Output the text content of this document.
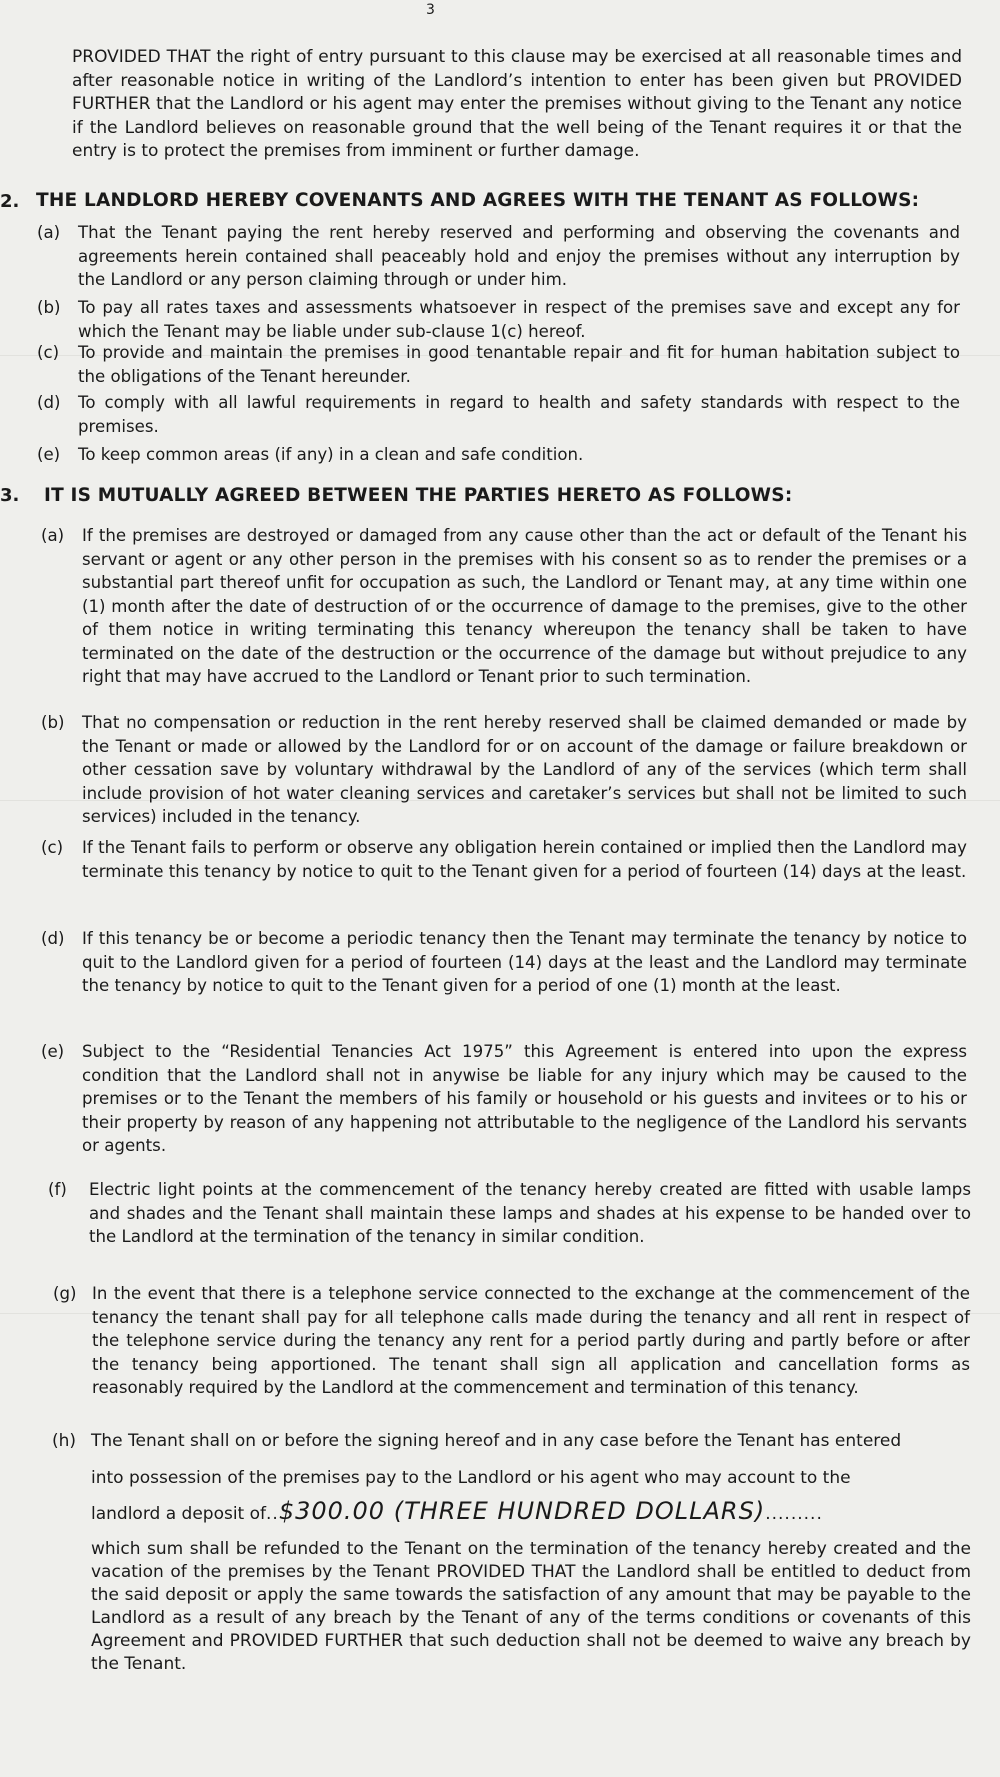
3
PROVIDED THAT the right of entry pursuant to this clause may be exercised at all reasonable times and after reasonable notice in writing of the Landlord’s intention to enter has been given but PROVIDED FURTHER that the Landlord or his agent may enter the premises without giving to the Tenant any notice if the Landlord believes on reasonable ground that the well being of the Tenant requires it or that the entry is to protect the premises from imminent or further damage.
2. THE LANDLORD HEREBY COVENANTS AND AGREES WITH THE TENANT AS FOLLOWS:
(a) That the Tenant paying the rent hereby reserved and performing and observing the covenants and agreements herein contained shall peaceably hold and enjoy the premises without any interruption by the Landlord or any person claiming through or under him.
(b) To pay all rates taxes and assessments whatsoever in respect of the premises save and except any for which the Tenant may be liable under sub-clause 1(c) hereof.
(c) To provide and maintain the premises in good tenantable repair and fit for human habitation subject to the obligations of the Tenant hereunder.
(d) To comply with all lawful requirements in regard to health and safety standards with respect to the premises.
(e) To keep common areas (if any) in a clean and safe condition.
3. IT IS MUTUALLY AGREED BETWEEN THE PARTIES HERETO AS FOLLOWS:
(a) If the premises are destroyed or damaged from any cause other than the act or default of the Tenant his servant or agent or any other person in the premises with his consent so as to render the premises or a substantial part thereof unfit for occupation as such, the Landlord or Tenant may, at any time within one (1) month after the date of destruction of or the occurrence of damage to the premises, give to the other of them notice in writing terminating this tenancy whereupon the tenancy shall be taken to have terminated on the date of the destruction or the occurrence of the damage but without prejudice to any right that may have accrued to the Landlord or Tenant prior to such termination.
(b) That no compensation or reduction in the rent hereby reserved shall be claimed demanded or made by the Tenant or made or allowed by the Landlord for or on account of the damage or failure breakdown or other cessation save by voluntary withdrawal by the Landlord of any of the services (which term shall include provision of hot water cleaning services and caretaker’s services but shall not be limited to such services) included in the tenancy.
(c) If the Tenant fails to perform or observe any obligation herein contained or implied then the Landlord may terminate this tenancy by notice to quit to the Tenant given for a period of fourteen (14) days at the least.
(d) If this tenancy be or become a periodic tenancy then the Tenant may terminate the tenancy by notice to quit to the Landlord given for a period of fourteen (14) days at the least and the Landlord may terminate the tenancy by notice to quit to the Tenant given for a period of one (1) month at the least.
(e) Subject to the “Residential Tenancies Act 1975” this Agreement is entered into upon the express condition that the Landlord shall not in anywise be liable for any injury which may be caused to the premises or to the Tenant the members of his family or household or his guests and invitees or to his or their property by reason of any happening not attributable to the negligence of the Landlord his servants or agents.
(f) Electric light points at the commencement of the tenancy hereby created are fitted with usable lamps and shades and the Tenant shall maintain these lamps and shades at his expense to be handed over to the Landlord at the termination of the tenancy in similar condition.
(g) In the event that there is a telephone service connected to the exchange at the commencement of the tenancy the tenant shall pay for all telephone calls made during the tenancy and all rent in respect of the telephone service during the tenancy any rent for a period partly during and partly before or after the tenancy being apportioned. The tenant shall sign all application and cancellation forms as reasonably required by the Landlord at the commencement and termination of this tenancy.
(h) The Tenant shall on or before the signing hereof and in any case before the Tenant has entered
into possession of the premises pay to the Landlord or his agent who may account to the
landlord a deposit of..$300.00 (THREE HUNDRED DOLLARS).........
which sum shall be refunded to the Tenant on the termination of the tenancy hereby created and the vacation of the premises by the Tenant PROVIDED THAT the Landlord shall be entitled to deduct from the said deposit or apply the same towards the satisfaction of any amount that may be payable to the Landlord as a result of any breach by the Tenant of any of the terms conditions or covenants of this Agreement and PROVIDED FURTHER that such deduction shall not be deemed to waive any breach by the Tenant.
